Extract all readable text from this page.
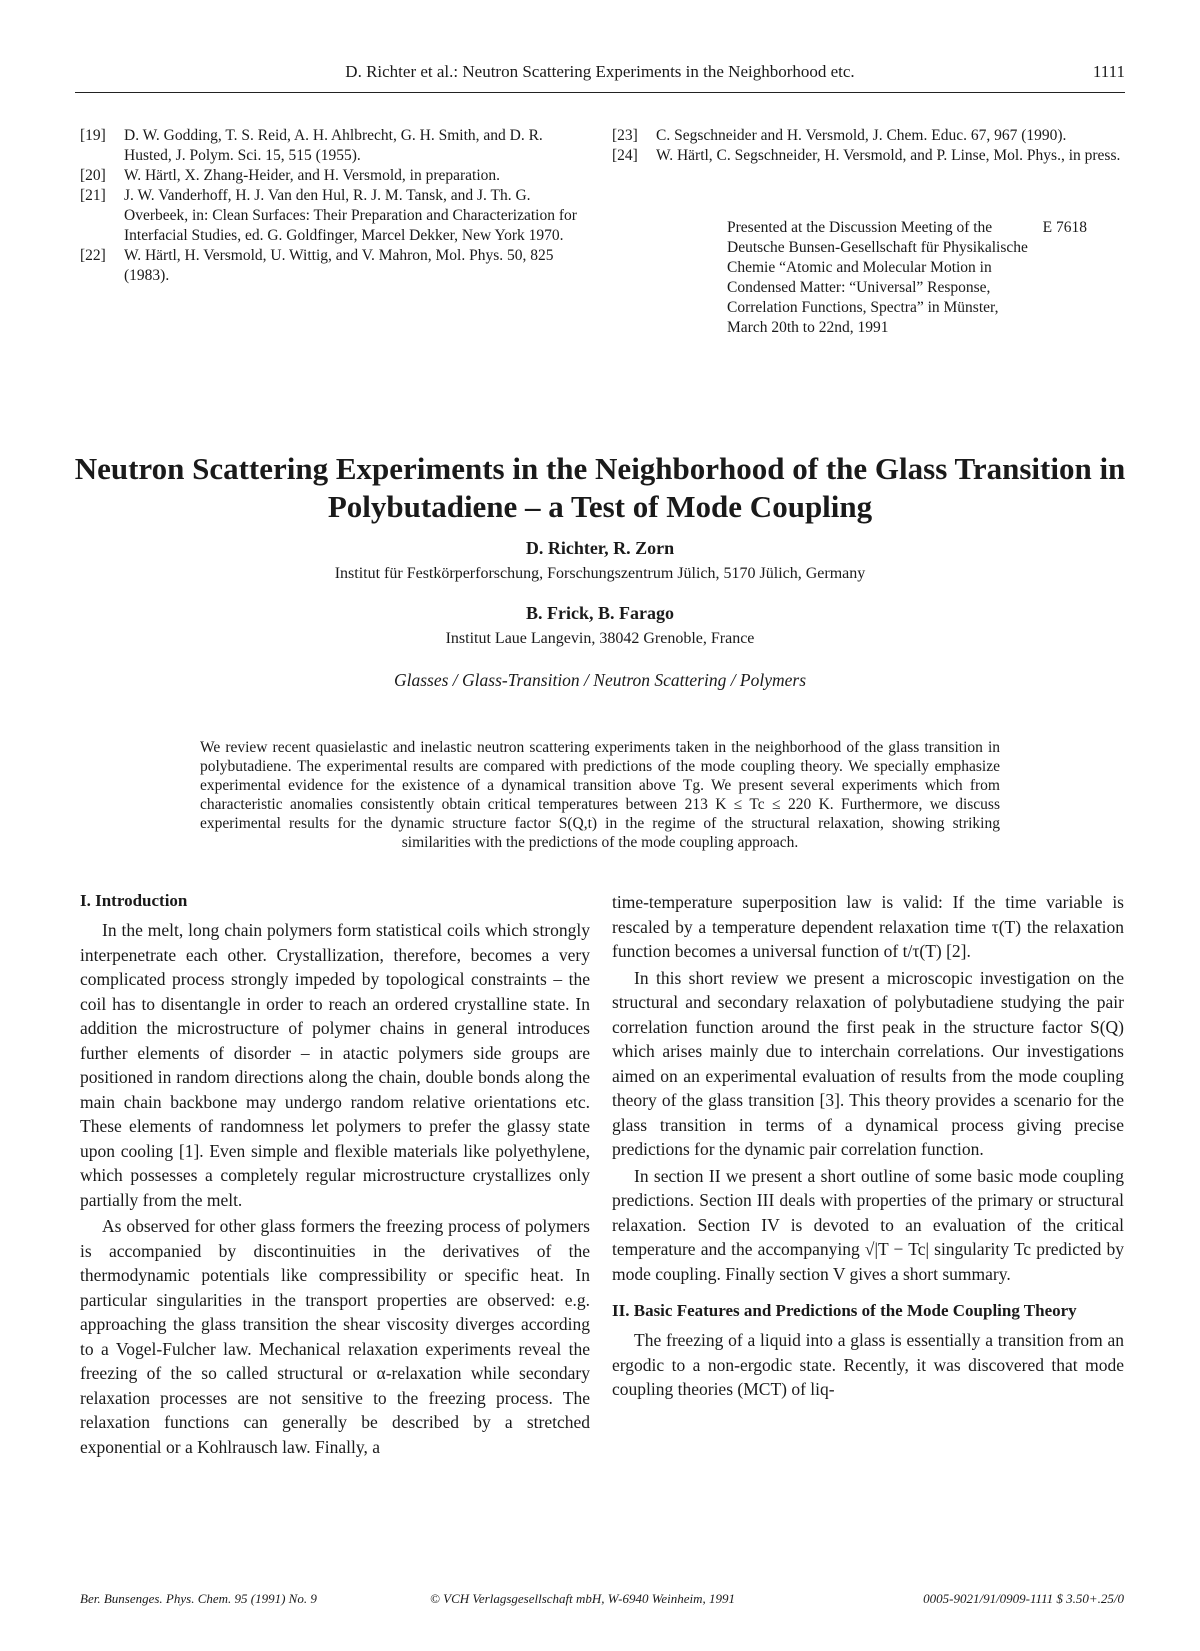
D. Richter et al.: Neutron Scattering Experiments in the Neighborhood etc.	1111
[19] D. W. Godding, T. S. Reid, A. H. Ahlbrecht, G. H. Smith, and D. R. Husted, J. Polym. Sci. 15, 515 (1955).
[20] W. Härtl, X. Zhang-Heider, and H. Versmold, in preparation.
[21] J. W. Vanderhoff, H. J. Van den Hul, R. J. M. Tansk, and J. Th. G. Overbeek, in: Clean Surfaces: Their Preparation and Characterization for Interfacial Studies, ed. G. Goldfinger, Marcel Dekker, New York 1970.
[22] W. Härtl, H. Versmold, U. Wittig, and V. Mahron, Mol. Phys. 50, 825 (1983).
[23] C. Segschneider and H. Versmold, J. Chem. Educ. 67, 967 (1990).
[24] W. Härtl, C. Segschneider, H. Versmold, and P. Linse, Mol. Phys., in press.
Presented at the Discussion Meeting of the Deutsche Bunsen-Gesellschaft für Physikalische Chemie “Atomic and Molecular Motion in Condensed Matter: “Universal” Response, Correlation Functions, Spectra” in Münster, March 20th to 22nd, 1991
E 7618
Neutron Scattering Experiments in the Neighborhood of the Glass Transition in Polybutadiene – a Test of Mode Coupling
D. Richter, R. Zorn
Institut für Festkörperforschung, Forschungszentrum Jülich, 5170 Jülich, Germany
B. Frick, B. Farago
Institut Laue Langevin, 38042 Grenoble, France
Glasses / Glass-Transition / Neutron Scattering / Polymers
We review recent quasielastic and inelastic neutron scattering experiments taken in the neighborhood of the glass transition in polybutadiene. The experimental results are compared with predictions of the mode coupling theory. We specially emphasize experimental evidence for the existence of a dynamical transition above Tg. We present several experiments which from characteristic anomalies consistently obtain critical temperatures between 213 K ≤ Tc ≤ 220 K. Furthermore, we discuss experimental results for the dynamic structure factor S(Q,t) in the regime of the structural relaxation, showing striking similarities with the predictions of the mode coupling approach.
I. Introduction

In the melt, long chain polymers form statistical coils which strongly interpenetrate each other. Crystallization, therefore, becomes a very complicated process strongly impeded by topological constraints – the coil has to disentangle in order to reach an ordered crystalline state. In addition the microstructure of polymer chains in general introduces further elements of disorder – in atactic polymers side groups are positioned in random directions along the chain, double bonds along the main chain backbone may undergo random relative orientations etc. These elements of randomness let polymers to prefer the glassy state upon cooling [1]. Even simple and flexible materials like polyethylene, which possesses a completely regular microstructure crystallizes only partially from the melt.

As observed for other glass formers the freezing process of polymers is accompanied by discontinuities in the derivatives of the thermodynamic potentials like compressibility or specific heat. In particular singularities in the transport properties are observed: e.g. approaching the glass transition the shear viscosity diverges according to a Vogel-Fulcher law. Mechanical relaxation experiments reveal the freezing of the so called structural or α-relaxation while secondary relaxation processes are not sensitive to the freezing process. The relaxation functions can generally be described by a stretched exponential or a Kohlrausch law. Finally, a

time-temperature superposition law is valid: If the time variable is rescaled by a temperature dependent relaxation time τ(T) the relaxation function becomes a universal function of t/τ(T) [2].

In this short review we present a microscopic investigation on the structural and secondary relaxation of polybutadiene studying the pair correlation function around the first peak in the structure factor S(Q) which arises mainly due to interchain correlations. Our investigations aimed on an experimental evaluation of results from the mode coupling theory of the glass transition [3]. This theory provides a scenario for the glass transition in terms of a dynamical process giving precise predictions for the dynamic pair correlation function.

In section II we present a short outline of some basic mode coupling predictions. Section III deals with properties of the primary or structural relaxation. Section IV is devoted to an evaluation of the critical temperature and the accompanying √|T − Tc| singularity Tc predicted by mode coupling. Finally section V gives a short summary.

II. Basic Features and Predictions of the Mode Coupling Theory

The freezing of a liquid into a glass is essentially a transition from an ergodic to a non-ergodic state. Recently, it was discovered that mode coupling theories (MCT) of liq-

Ber. Bunsenges. Phys. Chem. 95 (1991) No. 9	© VCH Verlagsgesellschaft mbH, W-6940 Weinheim, 1991	0005-9021/91/0909-1111 $ 3.50+.25/0
